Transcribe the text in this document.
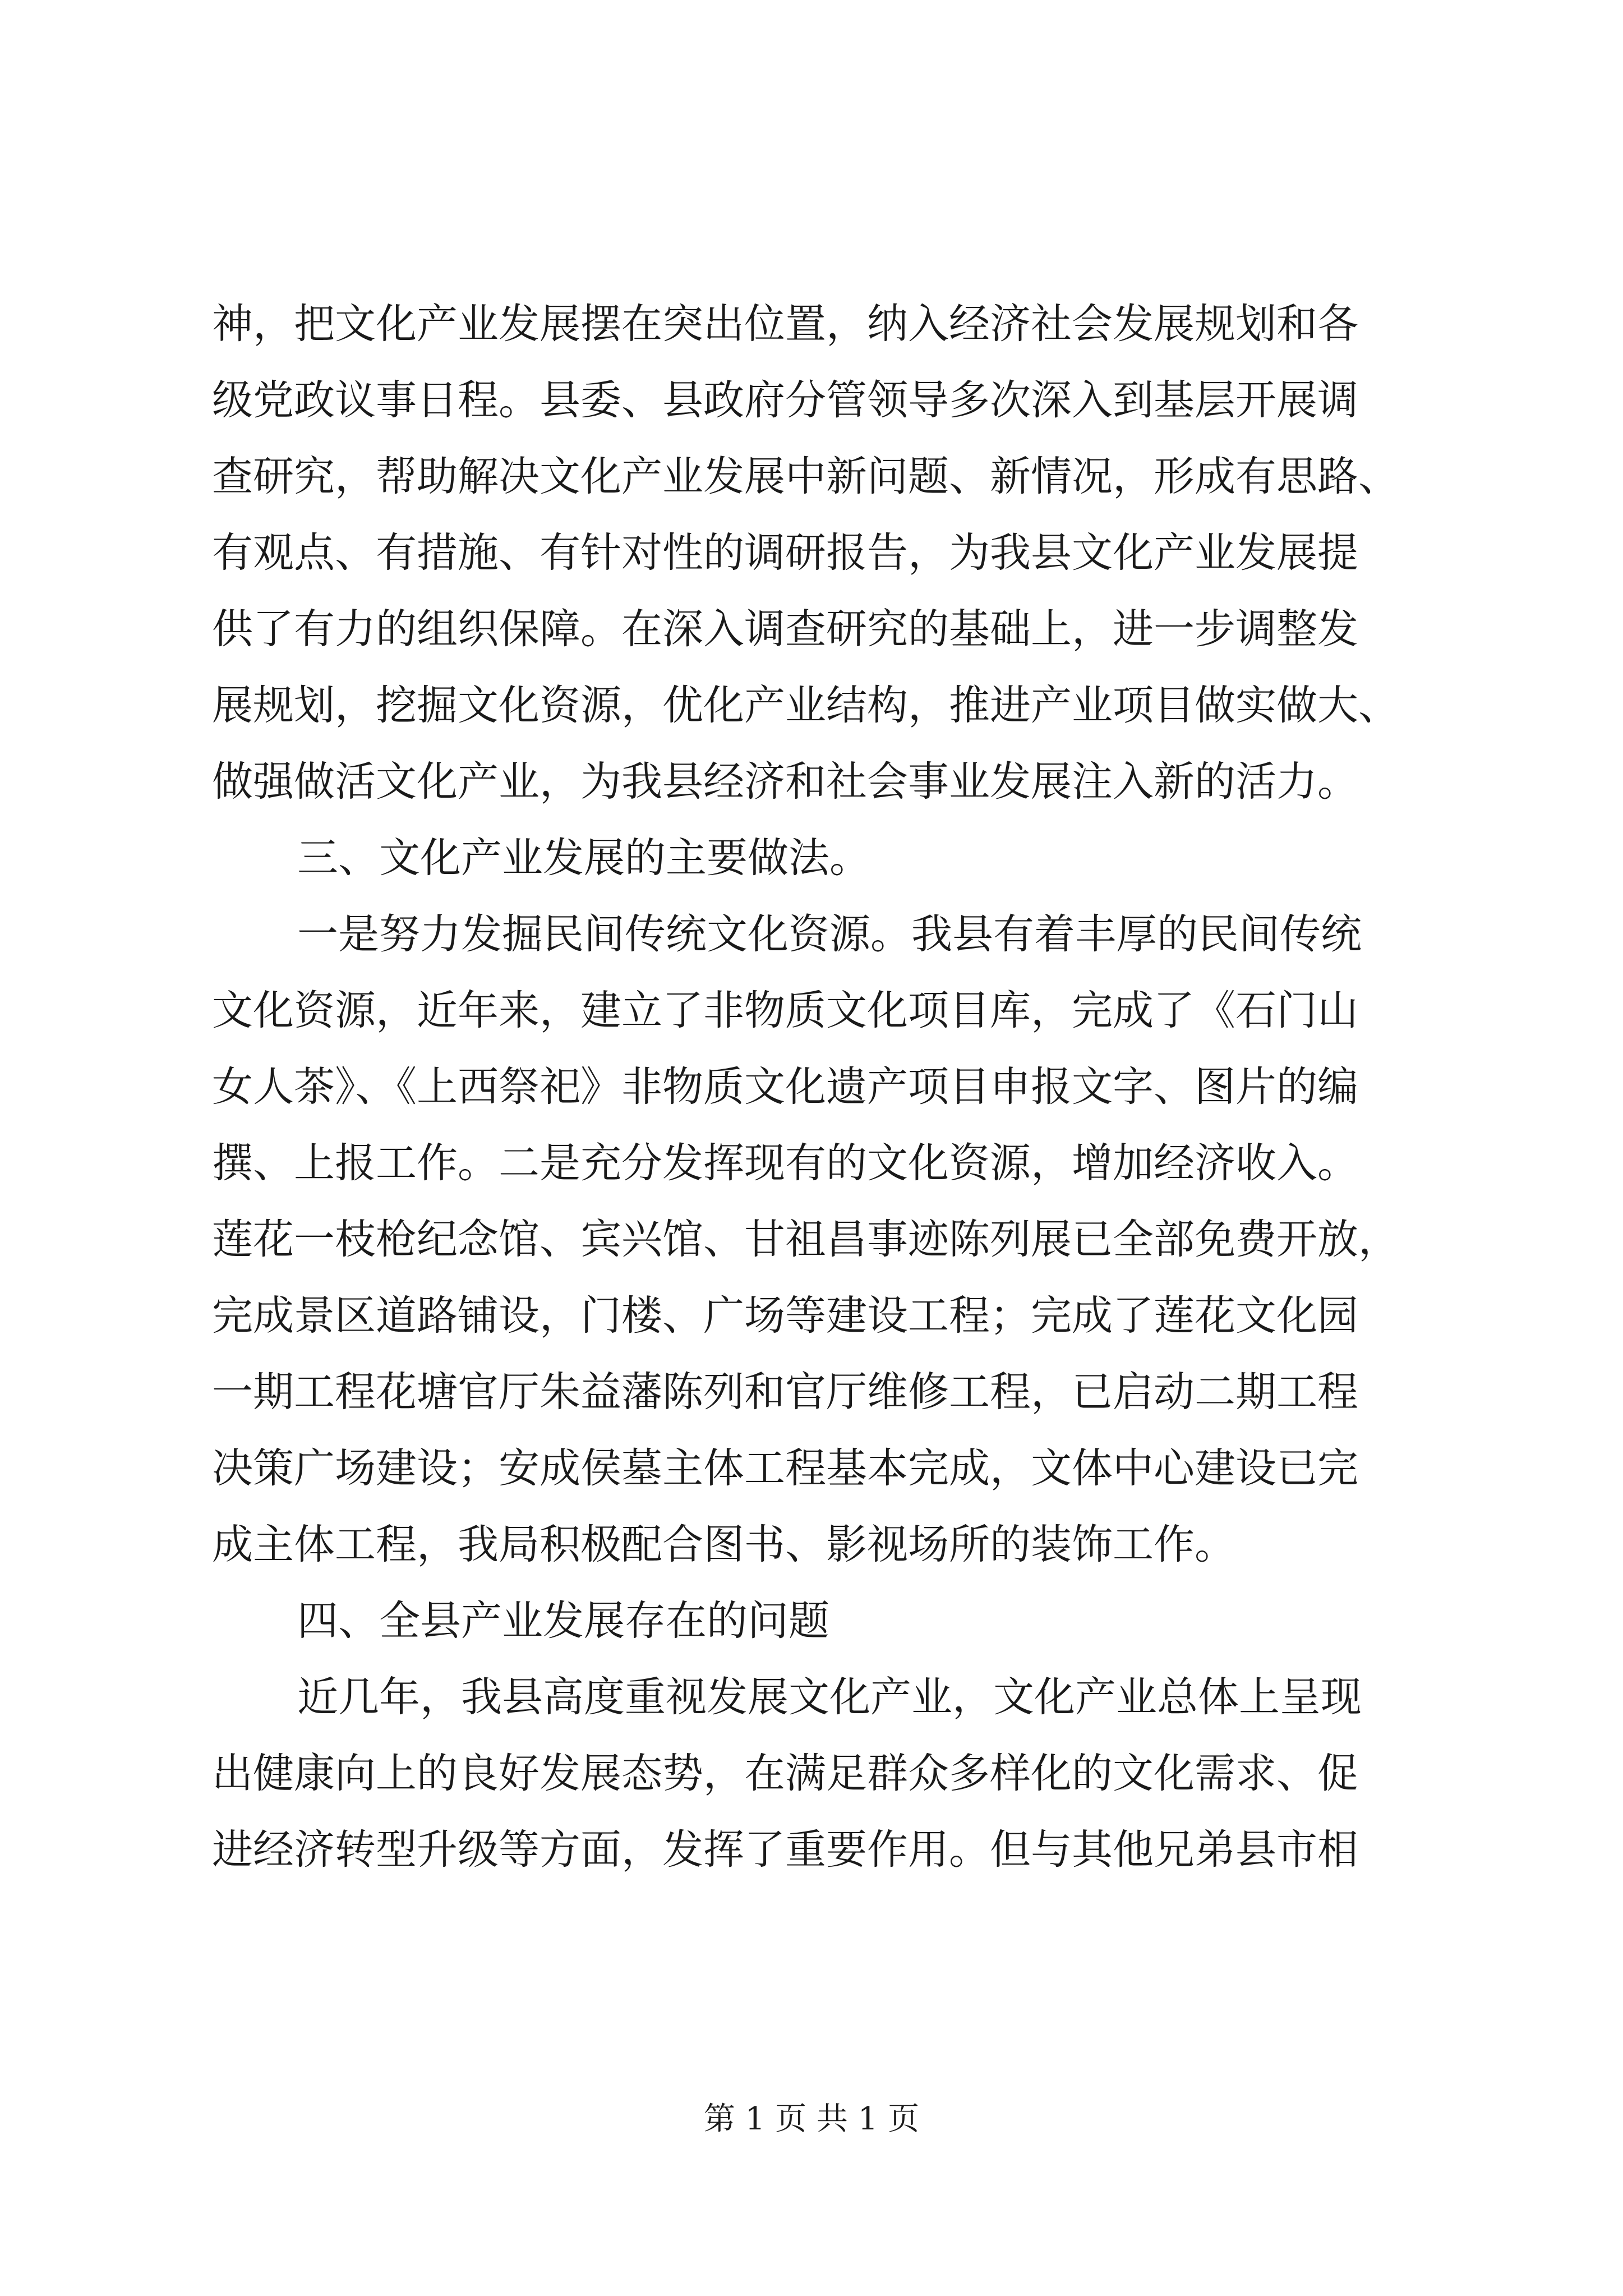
神，把文化产业发展摆在突出位置，纳入经济社会发展规划和各
级党政议事日程。县委、县政府分管领导多次深入到基层开展调
查研究，帮助解决文化产业发展中新问题、新情况，形成有思路、
有观点、有措施、有针对性的调研报告，为我县文化产业发展提
供了有力的组织保障。在深入调查研究的基础上，进一步调整发
展规划，挖掘文化资源，优化产业结构，推进产业项目做实做大、
做强做活文化产业，为我县经济和社会事业发展注入新的活力。
三、文化产业发展的主要做法。
一是努力发掘民间传统文化资源。我县有着丰厚的民间传统
文化资源，近年来，建立了非物质文化项目库，完成了《石门山
女人茶》、《上西祭祀》非物质文化遗产项目申报文字、图片的编
撰、上报工作。二是充分发挥现有的文化资源，增加经济收入。
莲花一枝枪纪念馆、宾兴馆、甘祖昌事迹陈列展已全部免费开放，
完成景区道路铺设，门楼、广场等建设工程；完成了莲花文化园
一期工程花塘官厅朱益藩陈列和官厅维修工程，已启动二期工程
决策广场建设；安成侯墓主体工程基本完成，文体中心建设已完
成主体工程，我局积极配合图书、影视场所的装饰工作。
四、全县产业发展存在的问题
近几年，我县高度重视发展文化产业，文化产业总体上呈现
出健康向上的良好发展态势，在满足群众多样化的文化需求、促
进经济转型升级等方面，发挥了重要作用。但与其他兄弟县市相
第 1 页 共 1 页
